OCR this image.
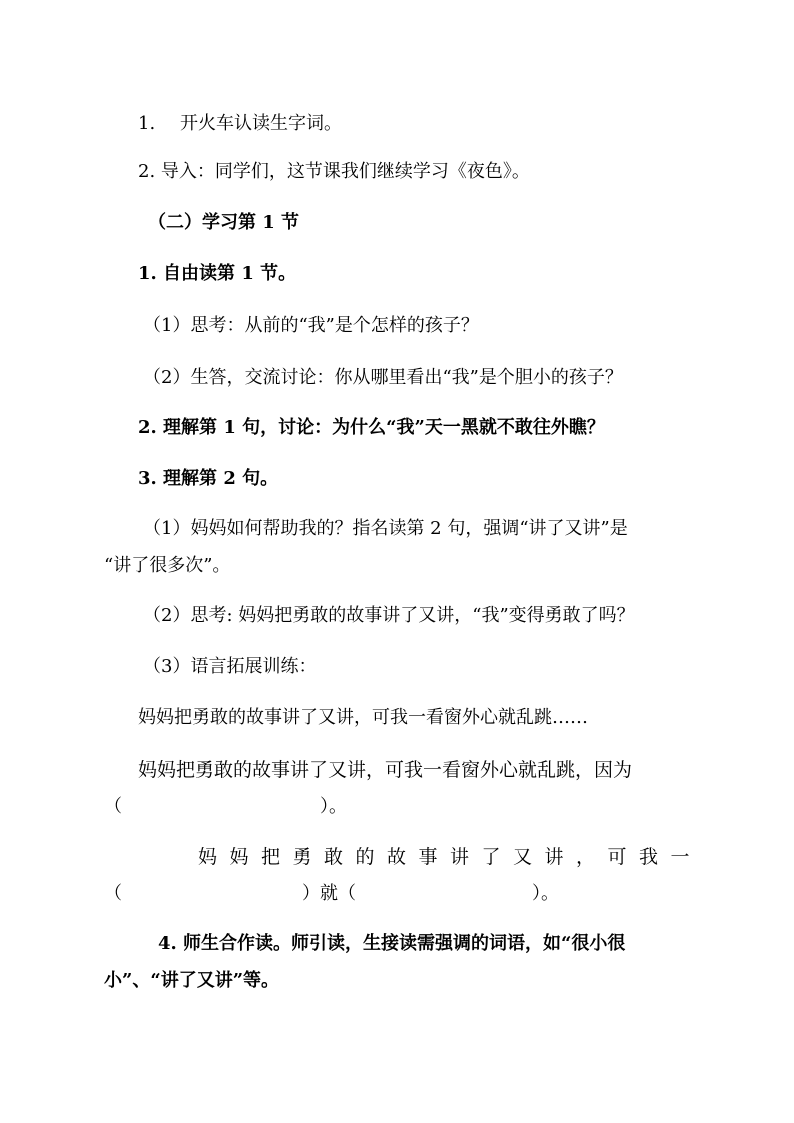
1. 开火车认读生字词。
2. 导入：同学们，这节课我们继续学习《夜色》。
（二）学习第 1 节
1. 自由读第 1 节。
（1）思考：从前的“我”是个怎样的孩子？
（2）生答，交流讨论：你从哪里看出“我”是个胆小的孩子？
2. 理解第 1 句，讨论：为什么“我”天一黑就不敢往外瞧？
3. 理解第 2 句。
（1）妈妈如何帮助我的？指名读第 2 句，强调“讲了又讲”是
“讲了很多次”。
（2）思考: 妈妈把勇敢的故事讲了又讲，“我”变得勇敢了吗？
（3）语言拓展训练：
妈妈把勇敢的故事讲了又讲，可我一看窗外心就乱跳……
妈妈把勇敢的故事讲了又讲，可我一看窗外心就乱跳，因为
（	）。
妈妈把勇敢的故事讲了又讲，可我一
（	）就（	）。
4. 师生合作读。师引读，生接读需强调的词语，如“很小很
小”、“讲了又讲”等。
